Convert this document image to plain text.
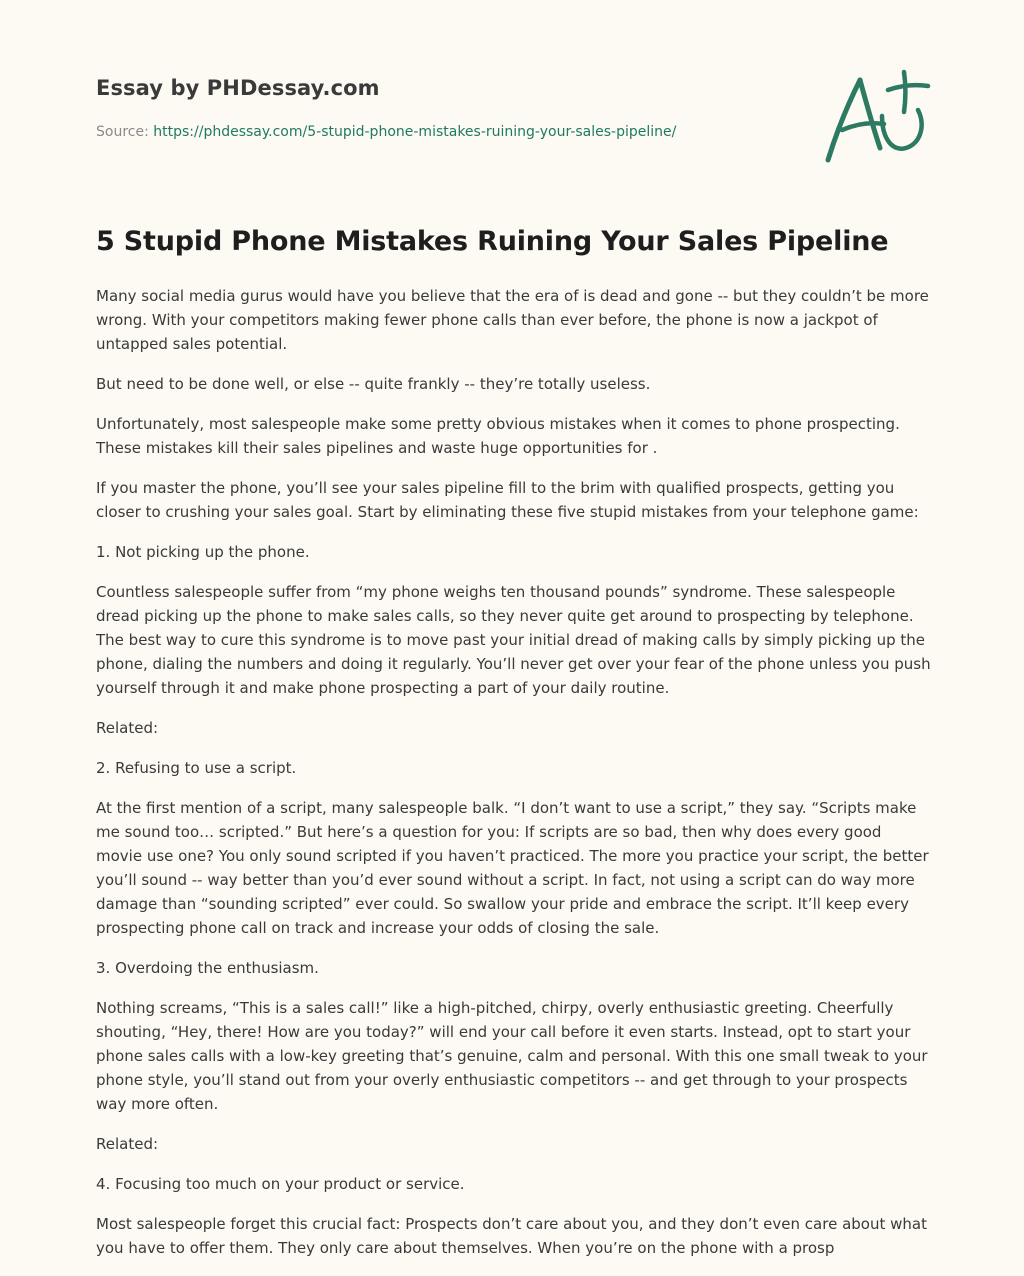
Essay by PHDessay.com
Source: https://phdessay.com/5-stupid-phone-mistakes-ruining-your-sales-pipeline/
5 Stupid Phone Mistakes Ruining Your Sales Pipeline

Many social media gurus would have you believe that the era of is dead and gone -- but they couldn’t be more wrong. With your competitors making fewer phone calls than ever before, the phone is now a jackpot of untapped sales potential.

But need to be done well, or else -- quite frankly -- they’re totally useless.

Unfortunately, most salespeople make some pretty obvious mistakes when it comes to phone prospecting. These mistakes kill their sales pipelines and waste huge opportunities for .

If you master the phone, you’ll see your sales pipeline fill to the brim with qualified prospects, getting you closer to crushing your sales goal. Start by eliminating these five stupid mistakes from your telephone game:

1. Not picking up the phone.

Countless salespeople suffer from “my phone weighs ten thousand pounds” syndrome. These salespeople dread picking up the phone to make sales calls, so they never quite get around to prospecting by telephone. The best way to cure this syndrome is to move past your initial dread of making calls by simply picking up the phone, dialing the numbers and doing it regularly. You’ll never get over your fear of the phone unless you push yourself through it and make phone prospecting a part of your daily routine.

Related:

2. Refusing to use a script.

At the first mention of a script, many salespeople balk. “I don’t want to use a script,” they say. “Scripts make me sound too… scripted.” But here’s a question for you: If scripts are so bad, then why does every good movie use one? You only sound scripted if you haven’t practiced. The more you practice your script, the better you’ll sound -- way better than you’d ever sound without a script. In fact, not using a script can do way more damage than “sounding scripted” ever could. So swallow your pride and embrace the script. It’ll keep every prospecting phone call on track and increase your odds of closing the sale.

3. Overdoing the enthusiasm.

Nothing screams, “This is a sales call!” like a high-pitched, chirpy, overly enthusiastic greeting. Cheerfully shouting, “Hey, there! How are you today?” will end your call before it even starts. Instead, opt to start your phone sales calls with a low-key greeting that’s genuine, calm and personal. With this one small tweak to your phone style, you’ll stand out from your overly enthusiastic competitors -- and get through to your prospects way more often.

Related:

4. Focusing too much on your product or service.

Most salespeople forget this crucial fact: Prospects don’t care about you, and they don’t even care about what you have to offer them. They only care about themselves. When you’re on the phone with a prosp
